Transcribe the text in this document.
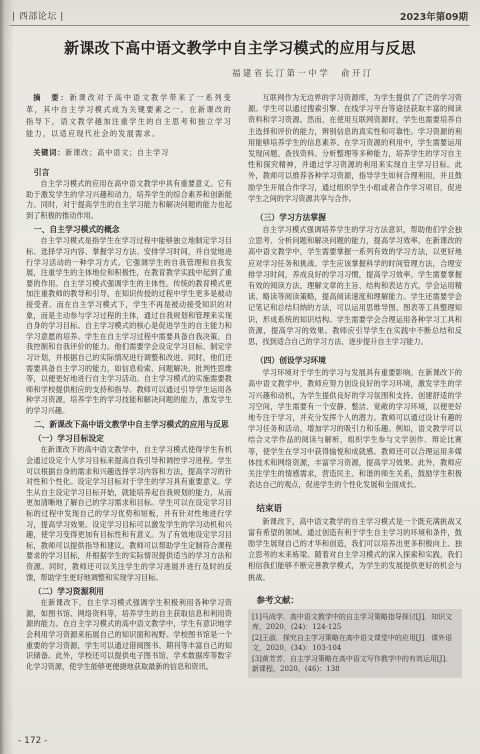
| 西部论坛 |	2023年第09期
新课改下高中语文教学中自主学习模式的应用与反思
福建省长汀第一中学　俞开汀

摘　要：新课改对于高中语文教学带来了一系列变革，其中自主学习模式成为关键要素之一。在新课改的指导下，语文教学越加注重学生的自主思考和独立学习能力，以适应现代社会的发展需求。

关键词：新课改；高中语文；自主学习

引言

自主学习模式的应用在高中语文教学中具有重要意义。它有助于激发学生的学习兴趣和动力，培养学生的综合素养和创新能力。同时，对于提高学生的自主学习能力和解决问题的能力也起到了积极的推动作用。

一、自主学习模式的概念

自主学习模式是指学生在学习过程中能够独立地制定学习目标、选择学习内容、掌握学习方法、安排学习时间，并自觉地进行学习活动的一种学习方式。它强调学生的自我管理和自我发展，注重学生的主体地位和积极性，在教育教学实践中起到了重要的作用。自主学习模式强调学生的主体性。传统的教育模式更加注重教师的教导和引导，在知识传授的过程中学生更多是被动接受者。而在自主学习模式下，学生不再是被动接受知识的对象，而是主动参与学习过程的主体，通过自我规划和管理来实现自身的学习目标。自主学习模式的核心是促进学生的自主能力和学习意愿的培养。学生在自主学习过程中需要具备自我决策、自我控制和自我评价的能力。他们需要学会设定学习目标、制定学习计划，并根据自己的实际情况进行调整和改进。同时，他们还需要具备自主学习的能力，如信息检索、问题解决、批判性思维等，以便更好地进行自主学习活动。自主学习模式的实施需要教师和学校提供相应的支持和指导。教师可以通过引导学生运用各种学习资源，培养学生的学习技能和解决问题的能力，激发学生的学习兴趣。

二、新课改下高中语文教学中自主学习模式的应用与反思
（一）学习目标设定

在新课改下的高中语文教学中，自主学习模式使得学生有机会通过设定个人学习目标来提高自我引导和调控学习进程。学生可以根据自身的需求和兴趣选择学习内容和方法，提高学习的针对性和个性化。设定学习目标对于学生的学习具有重要意义。学生从自主设定学习目标开始，就能培养起自我规划的能力，从而更加清晰地了解自己的学习需求和目标。学生可以在设定学习目标的过程中发现自己的学习优势和短板，并有针对性地进行学习，提高学习效果。设定学习目标可以激发学生的学习动机和兴趣，使学习变得更加有目标性和有意义。为了有效地设定学习目标，教师可以提供指导和建议。教师可以帮助学生定制符合课程要求的学习目标，并根据学生的实际情况提供适当的学习方法和资源。同时，教师还可以关注学生的学习进展并进行及时的反馈，帮助学生更好地调整和实现学习目标。

（二）学习资源利用

在新课改下，自主学习模式强调学生积极利用各种学习资源，如图书馆、网络资料等，培养学生的自主获取信息和利用资源的能力。在自主学习模式的高中语文教学中，学生有意识地学会利用学习资源来拓展自己的知识面和视野。学校图书馆是一个重要的学习资源，学生可以通过借阅图书、期刊等丰富自己的知识储备。此外，学校还可以提供电子图书馆、学术数据库等数字化学习资源，使学生能够更便捷地获取最新的信息和资讯。

互联网作为无边界的学习资源库，为学生提供了广泛的学习资源。学生可以通过搜索引擎、在线学习平台等途径获取丰富的阅读资料和学习资源。然而，在使用互联网资源时，学生也需要培养自主选择和评价的能力，辨别信息的真实性和可靠性。学习资源的利用能够培养学生的信息素养。在学习资源的利用中，学生需要运用发现问题、查找资料、分析整理等多种能力，培养学生的学习自主性和探究精神，并通过学习资源的利用来实现自主学习目标。此外，教师可以推荐各种学习资源，指导学生如何合理利用，并且鼓励学生开展合作学习，通过组织学生小组或者合作学习项目，促进学生之间的学习资源共享与合作。

（三）学习方法掌握

自主学习模式强调培养学生的学习方法意识，帮助他们学会独立思考、分析问题和解决问题的能力，提高学习效率。在新课改的高中语文教学中，学生需要掌握一系列有效的学习方法，以更好地应对学习任务和挑战。学生应该掌握科学的时间管理方法，合理安排学习时间，养成良好的学习习惯，提高学习效率。学生需要掌握有效的阅读方法，理解文章的主旨、结构和表达方式，学会运用精读、略读等阅读策略，提高阅读速度和理解能力。学生还需要学会记笔记和总结归纳的方法，可以运用思维导图、图表等工具整理知识，形成系统的知识结构。学生需要学会合理运用各种学习工具和资源，提高学习的效果。教师应引导学生在实践中不断总结和反思，找到适合自己的学习方法，逐步提升自主学习能力。

（四）创设学习环境

学习环境对于学生的学习与发展具有重要影响。在新课改下的高中语文教学中，教师应努力创设良好的学习环境，激发学生的学习兴趣和动机，为学生提供良好的学习氛围和支持。创建舒适的学习空间，学生需要有一个安静、整洁、宽敞的学习环境，以便更好地专注于学习，并充分发挥个人的潜力。教师可以通过设计有趣的学习任务和活动，增加学习的吸引力和乐趣。例如，语文教学可以结合文学作品的阅读与解析，组织学生参与文学创作、辩论比赛等，使学生在学习中获得愉悦和成就感。教师还可以合理运用多媒体技术和网络资源，丰富学习资源，提高学习效果。此外，教师应关注学生的情感需求，营造民主、和谐的师生关系，鼓励学生积极表达自己的观点，促进学生的个性化发展和全面成长。

结束语

新课改下，高中语文教学的自主学习模式是一个既充满挑战又富有希望的领域。通过创造有利于学生自主学习的环境和条件，鼓励学生展现自己的才华和创造，我们可以培养出更多积极向上、独立思考的未来栋梁。随着对自主学习模式的深入探索和实践，我们相信我们能够不断完善教学模式，为学生的发展提供更好的机会与挑战。

参考文献：

[1]马尚学．高中语文教学中的自主学习策略指导探讨[J]．知识文库，2020，(24)：124-125

[2]王淑．探究自主学习策略在高中语文课堂中的应用[J]．课外语文，2020，(34)：103-104

[3]黄芳芳．自主学习策略在高中语文写作教学中的有效运用[J]．新课程，2020，(46)：138

- 172 -
